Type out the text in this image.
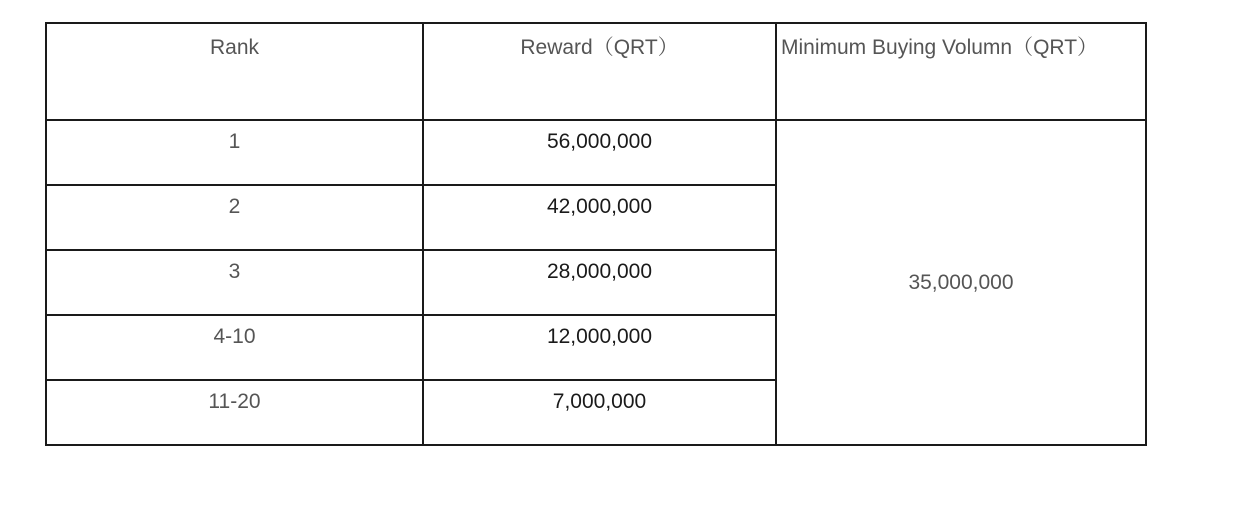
Rank	Reward（QRT）	Minimum Buying Volumn（QRT）
1	56,000,000	35,000,000
2	42,000,000	
3	28,000,000	
4-10	12,000,000	
11-20	7,000,000	
